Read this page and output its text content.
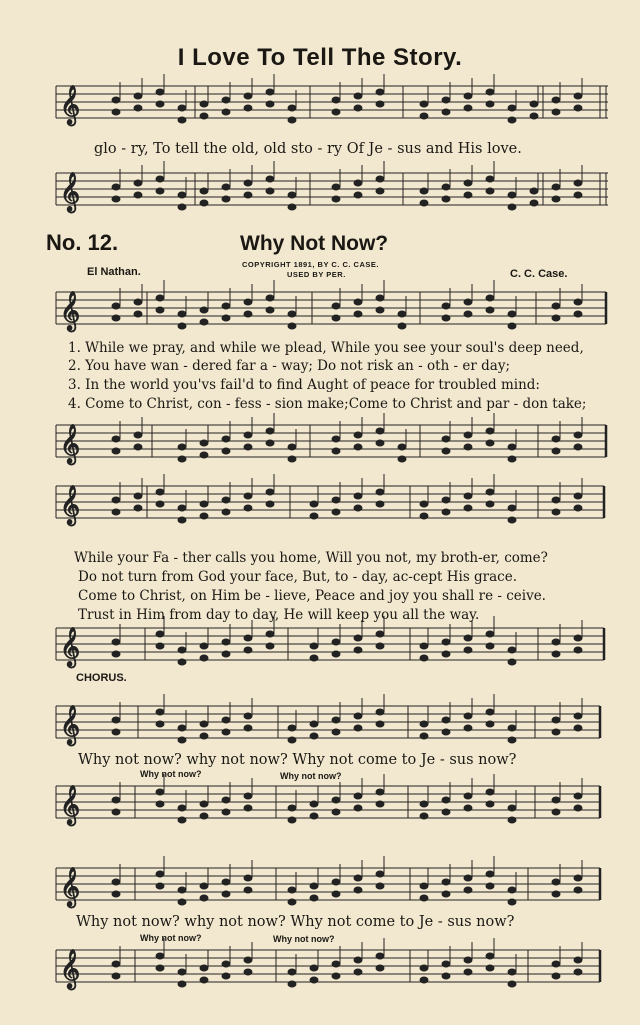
𝄞
𝄞
𝄞
𝄞
𝄞
𝄞
𝄞
𝄞
𝄞
𝄞
I Love To Tell The Story.
glo - ry, To tell the old, old sto - ry Of Je - sus and His love.
No. 12.	Why Not Now?
COPYRIGHT 1891, BY C. C. CASE.
USED BY PER.
El Nathan.	C. C. Case.
1. While we pray, and while we plead, While you see your soul's deep need,
2. You have wan - dered far a - way; Do not risk an - oth - er day;
3. In the world you'vs fail'd to find Aught of peace for troubled mind:
4. Come to Christ, con - fess - sion make;Come to Christ and par - don take;
While your Fa - ther calls you home, Will you not, my broth-er, come?
Do not turn from God your face, But, to - day, ac-cept His grace.
Come to Christ, on Him be - lieve, Peace and joy you shall re - ceive.
Trust in Him from day to day, He will keep you all the way.
CHORUS.
Why not now? why not now? Why not come to Je - sus now?
Why not now?	Why not now?
Why not now? why not now? Why not come to Je - sus now?
Why not now?	Why not now?
